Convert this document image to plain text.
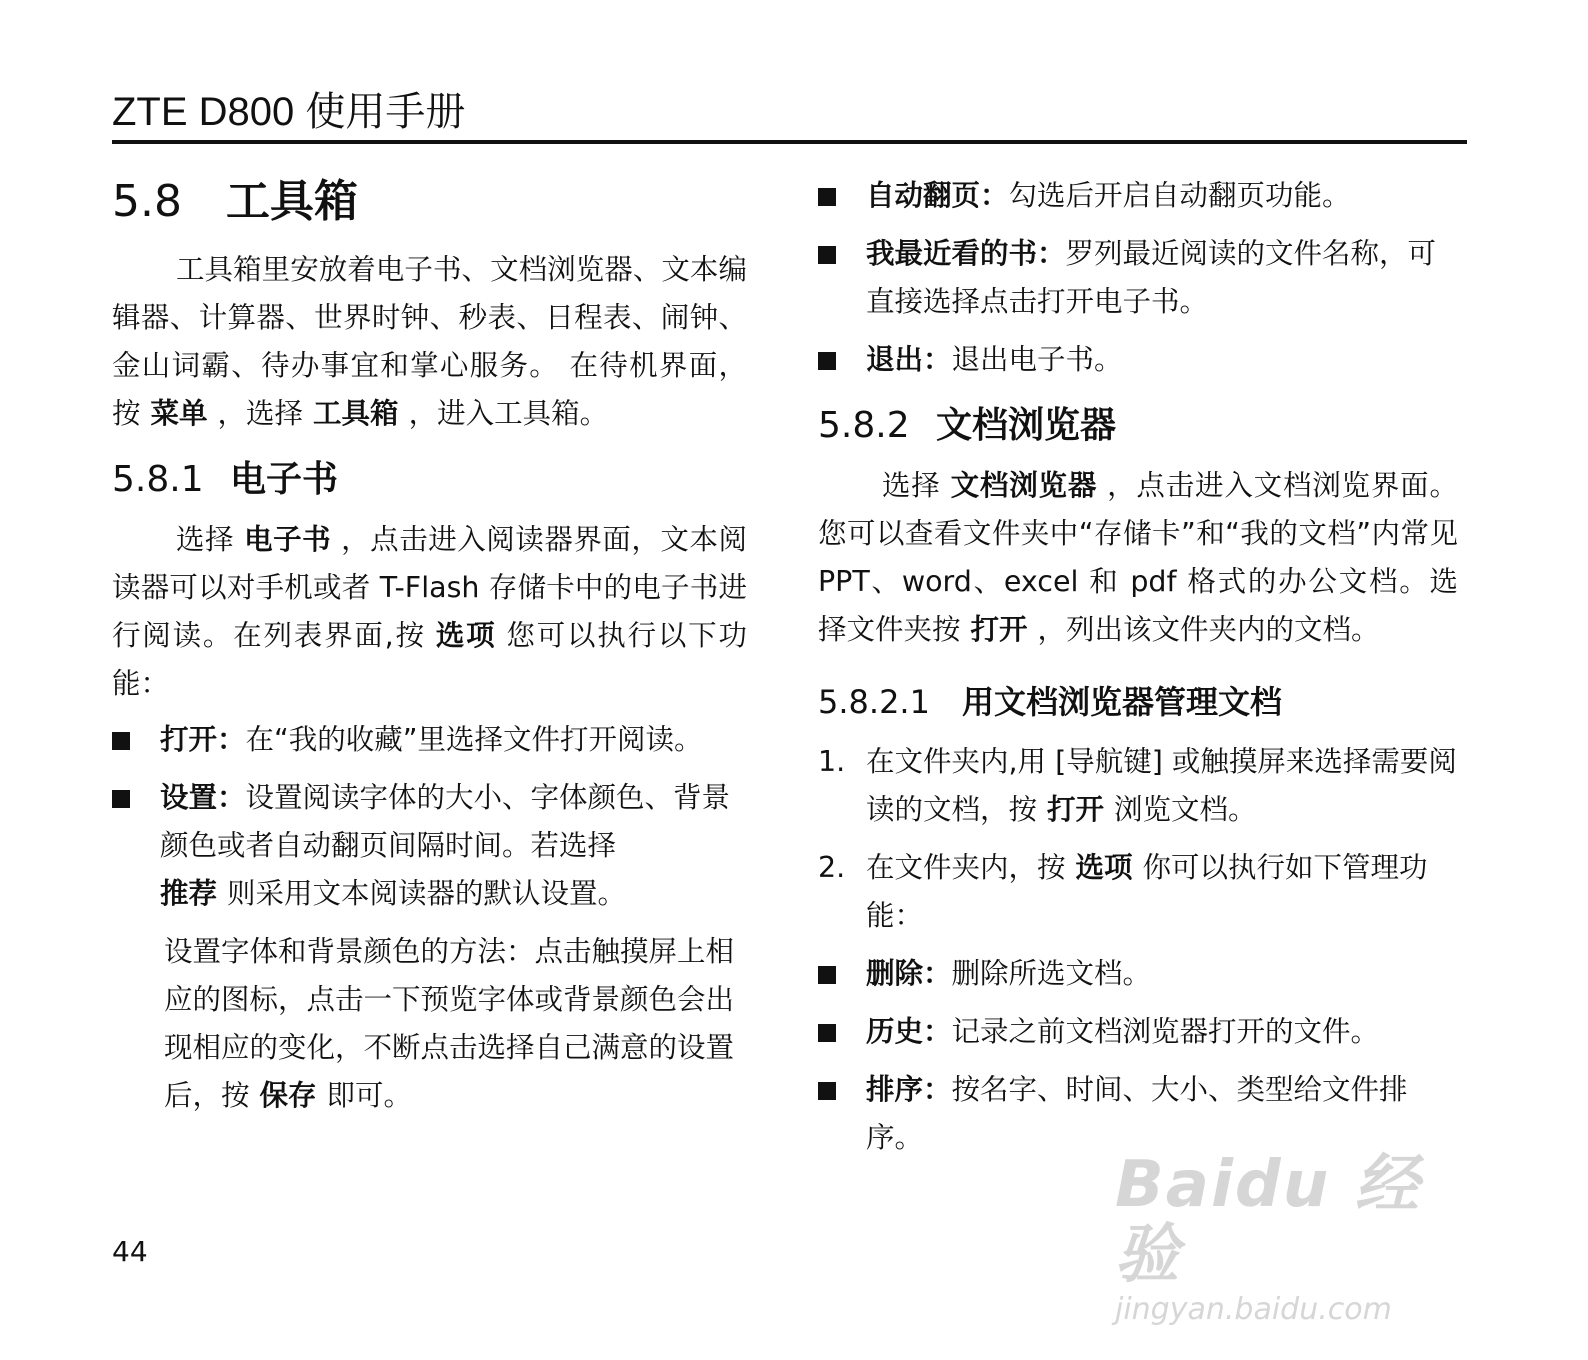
ZTE D800 使用手册
5.8 工具箱

工具箱里安放着电子书、文档浏览器、文本编辑器、计算器、世界时钟、秒表、日程表、闹钟、金山词霸、待办事宜和掌心服务。 在待机界面，按 菜单 ，选择 工具箱 ，进入工具箱。

5.8.1 电子书

选择 电子书 ，点击进入阅读器界面，文本阅读器可以对手机或者 T-Flash 存储卡中的电子书进行阅读。在列表界面,按 选项 您可以执行以下功能：

打开：在“我的收藏”里选择文件打开阅读。
设置：设置阅读字体的大小、字体颜色、背景颜色或者自动翻页间隔时间。若选择
推荐 则采用文本阅读器的默认设置。

设置字体和背景颜色的方法：点击触摸屏上相应的图标，点击一下预览字体或背景颜色会出现相应的变化，不断点击选择自己满意的设置后，按 保存 即可。

自动翻页：勾选后开启自动翻页功能。
我最近看的书：罗列最近阅读的文件名称，可直接选择点击打开电子书。
退出：退出电子书。
5.8.2 文档浏览器

选择 文档浏览器 ，点击进入文档浏览界面。您可以查看文件夹中“存储卡”和“我的文档”内常见 PPT、word、excel 和 pdf 格式的办公文档。选择文件夹按 打开 ，列出该文件夹内的文档。

5.8.2.1 用文档浏览器管理文档
1. 在文件夹内,用 [导航键] 或触摸屏来选择需要阅读的文档，按 打开 浏览文档。
2. 在文件夹内，按 选项 你可以执行如下管理功能：
删除：删除所选文档。
历史：记录之前文档浏览器打开的文件。
排序：按名字、时间、大小、类型给文件排序。
44
Baidu 经验
jingyan.baidu.com
